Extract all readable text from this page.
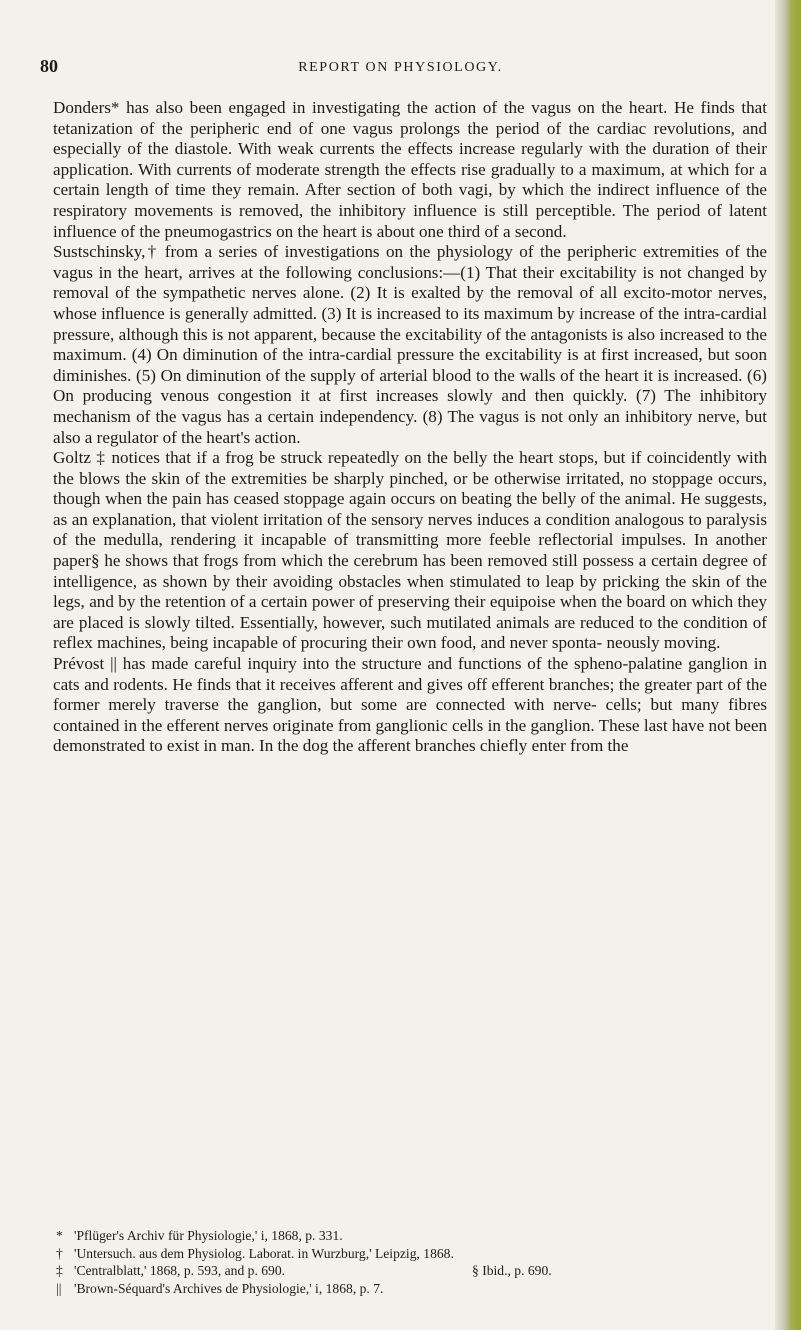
80	REPORT ON PHYSIOLOGY.

Donders* has also been engaged in investigating the action of the vagus on the heart. He finds that tetanization of the peripheric end of one vagus prolongs the period of the cardiac revolutions, and especially of the diastole. With weak currents the effects increase regularly with the duration of their application. With currents of moderate strength the effects rise gradually to a maximum, at which for a certain length of time they remain. After section of both vagi, by which the indirect influence of the respiratory movements is removed, the inhibitory influence is still perceptible. The period of latent influence of the pneumogastrics on the heart is about one third of a second.

Sustschinsky,† from a series of investigations on the physiology of the peripheric extremities of the vagus in the heart, arrives at the following conclusions:—(1) That their excitability is not changed by removal of the sympathetic nerves alone. (2) It is exalted by the removal of all excito-motor nerves, whose influence is generally admitted. (3) It is increased to its maximum by increase of the intra-cardial pressure, although this is not apparent, because the excitability of the antagonists is also increased to the maximum. (4) On diminution of the intra-cardial pressure the excitability is at first increased, but soon diminishes. (5) On diminution of the supply of arterial blood to the walls of the heart it is increased. (6) On producing venous congestion it at first increases slowly and then quickly. (7) The inhibitory mechanism of the vagus has a certain independency. (8) The vagus is not only an inhibitory nerve, but also a regulator of the heart's action.

Goltz ‡ notices that if a frog be struck repeatedly on the belly the heart stops, but if coincidently with the blows the skin of the extremities be sharply pinched, or be otherwise irritated, no stoppage occurs, though when the pain has ceased stoppage again occurs on beating the belly of the animal. He suggests, as an explanation, that violent irritation of the sensory nerves induces a condition analogous to paralysis of the medulla, rendering it incapable of transmitting more feeble reflectorial impulses. In another paper§ he shows that frogs from which the cerebrum has been removed still possess a certain degree of intelligence, as shown by their avoiding obstacles when stimulated to leap by pricking the skin of the legs, and by the retention of a certain power of preserving their equipoise when the board on which they are placed is slowly tilted. Essentially, however, such mutilated animals are reduced to the condition of reflex machines, being incapable of procuring their own food, and never sponta- neously moving.

Prévost || has made careful inquiry into the structure and functions of the spheno-palatine ganglion in cats and rodents. He finds that it receives afferent and gives off efferent branches; the greater part of the former merely traverse the ganglion, but some are connected with nerve- cells; but many fibres contained in the efferent nerves originate from ganglionic cells in the ganglion. These last have not been demonstrated to exist in man. In the dog the afferent branches chiefly enter from the

* 'Pflüger's Archiv für Physiologie,' i, 1868, p. 331.
† 'Untersuch. aus dem Physiolog. Laborat. in Wurzburg,' Leipzig, 1868.
‡ 'Centralblatt,' 1868, p. 593, and p. 690.	§ Ibid., p. 690.
|| 'Brown-Séquard's Archives de Physiologie,' i, 1868, p. 7.
